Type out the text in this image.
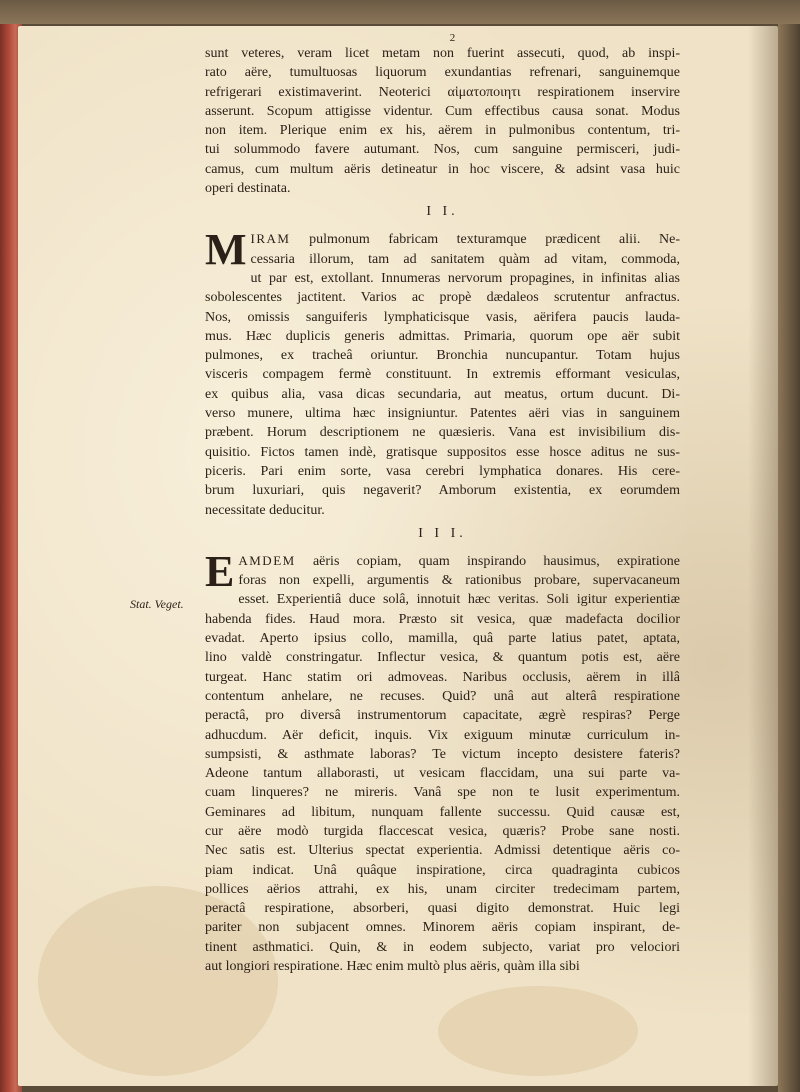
Stat. Veget.
2

sunt veteres, veram licet metam non fuerint assecuti, quod, ab inspi-
rato aëre, tumultuosas liquorum exundantias refrenari, sanguinemque
refrigerari existimaverint. Neoterici αἱματοποιητι respirationem inservire
asserunt. Scopum attigisse videntur. Cum effectibus causa sonat. Modus
non item. Plerique enim ex his, aërem in pulmonibus contentum, tri-
tui solummodo favere autumant. Nos, cum sanguine permisceri, judi-
camus, cum multum aëris detineatur in hoc viscere, & adsint vasa huic
operi destinata.

I I.

M IRAM pulmonum fabricam texturamque prædicent alii. Ne-
cessaria illorum, tam ad sanitatem quàm ad vitam, commoda,
ut par est, extollant. Innumeras nervorum propagines, in infinitas alias
sobolescentes jactitent. Varios ac propè dædaleos scrutentur anfractus.
Nos, omissis sanguiferis lymphaticisque vasis, aërifera paucis lauda-
mus. Hæc duplicis generis admittas. Primaria, quorum ope aër subit
pulmones, ex tracheâ oriuntur. Bronchia nuncupantur. Totam hujus
visceris compagem fermè constituunt. In extremis efformant vesiculas,
ex quibus alia, vasa dicas secundaria, aut meatus, ortum ducunt. Di-
verso munere, ultima hæc insigniuntur. Patentes aëri vias in sanguinem
præbent. Horum descriptionem ne quæsieris. Vana est invisibilium dis-
quisitio. Fictos tamen indè, gratisque suppositos esse hosce aditus ne sus-
piceris. Pari enim sorte, vasa cerebri lymphatica donares. His cere-
brum luxuriari, quis negaverit? Amborum existentia, ex eorumdem
necessitate deducitur.

I I I.

E AMDEM aëris copiam, quam inspirando hausimus, expiratione
foras non expelli, argumentis & rationibus probare, supervacaneum
esset. Experientiâ duce solâ, innotuit hæc veritas. Soli igitur experientiæ
habenda fides. Haud mora. Præsto sit vesica, quæ madefacta docilior
evadat. Aperto ipsius collo, mamilla, quâ parte latius patet, aptata,
lino valdè constringatur. Inflectur vesica, & quantum potis est, aëre
turgeat. Hanc statim ori admoveas. Naribus occlusis, aërem in illâ
contentum anhelare, ne recuses. Quid? unâ aut alterâ respiratione
peractâ, pro diversâ instrumentorum capacitate, ægrè respiras? Perge
adhucdum. Aër deficit, inquis. Vix exiguum minutæ curriculum in-
sumpsisti, & asthmate laboras? Te victum incepto desistere fateris?
Adeone tantum allaborasti, ut vesicam flaccidam, una sui parte va-
cuam linqueres? ne mireris. Vanâ spe non te lusit experimentum.
Geminares ad libitum, nunquam fallente successu. Quid causæ est,
cur aëre modò turgida flaccescat vesica, quæris? Probe sane nosti.
Nec satis est. Ulterius spectat experientia. Admissi detentique aëris co-
piam indicat. Unâ quâque inspiratione, circa quadraginta cubicos
pollices aërios attrahi, ex his, unam circiter tredecimam partem,
peractâ respiratione, absorberi, quasi digito demonstrat. Huic legi
pariter non subjacent omnes. Minorem aëris copiam inspirant, de-
tinent asthmatici. Quin, & in eodem subjecto, variat pro velociori
aut longiori respiratione. Hæc enim multò plus aëris, quàm illa sibi
